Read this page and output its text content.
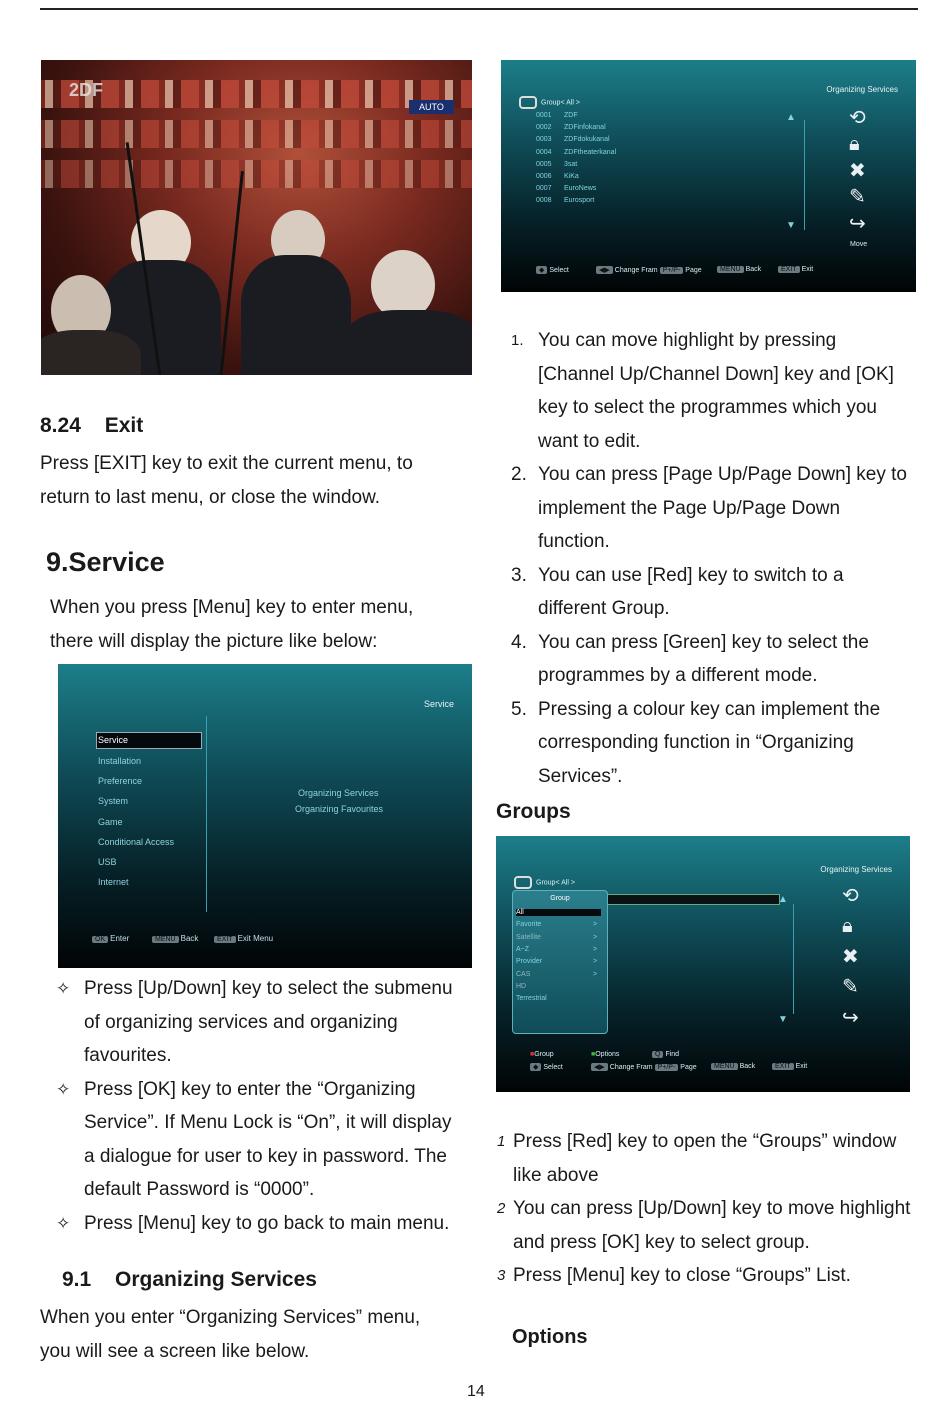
2DF
AUTO
8.24 Exit

Press [EXIT] key to exit the current menu, to return to last menu, or close the window.

9.Service

When you press [Menu] key to enter menu, there will display the picture like below:

Service
Service
Installation
Preference
System
Game
Conditional Access
USB
Internet
Organizing Services
Organizing Favourites
OK Enter	MENU Back	EXIT Exit Menu
✧ Press [Up/Down] key to select the submenu of organizing services and organizing favourites.
✧ Press [OK] key to enter the “Organizing Service”. If Menu Lock is “On”, it will display a dialogue for user to key in password. The default Password is “0000”.
✧ Press [Menu] key to go back to main menu.
9.1 Organizing Services

When you enter “Organizing Services” menu, you will see a screen like below.

14
Organizing Services
Group< All >
▲
▼
0001 ZDF
0002 ZDFinfokanal
0003 ZDFdokukanal
0004 ZDFtheaterkanal
0005 3sat
0006 KiKa
0007 EuroNews
0008 Eurosport
⟲
🔒︎
✖
✎
↪
Move
◆ Select	◀▶ Change Fram P+/P- Page	MENU Back	EXIT Exit
1. You can move highlight by pressing [Channel Up/Channel Down] key and [OK] key to select the programmes which you want to edit.
2. You can press [Page Up/Page Down] key to implement the Page Up/Page Down function.
3. You can use [Red] key to switch to a different Group.
4. You can press [Green] key to select the programmes by a different mode.
5. Pressing a colour key can implement the corresponding function in “Organizing Services”.
Groups
Organizing Services
Group< All >
▲
▼
Group
All
Favorite	>
Satellite	>
A~Z	>
Provider	>
CAS	>
HD
Terrestrial
⟲
🔒︎
✖
✎
↪
■Group	■Options	Q Find
◆ Select	◀▶ Change Fram P+/P- Page	MENU Back	EXIT Exit
1 Press [Red] key to open the “Groups” window like above
2 You can press [Up/Down] key to move highlight and press [OK] key to select group.
3 Press [Menu] key to close “Groups” List.
Options
